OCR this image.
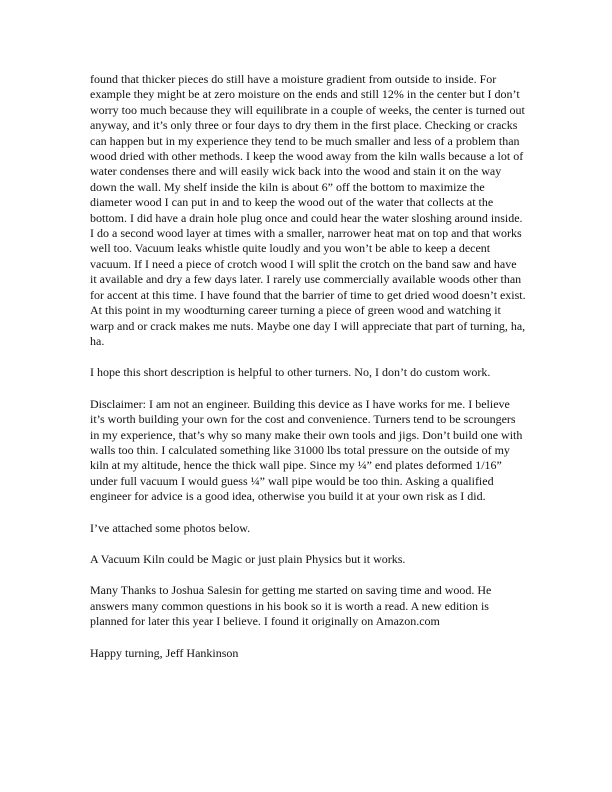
found that thicker pieces do still have a moisture gradient from outside to inside. For example they might be at zero moisture on the ends and still 12% in the center but I don’t worry too much because they will equilibrate in a couple of weeks, the center is turned out anyway, and it’s only three or four days to dry them in the first place. Checking or cracks can happen but in my experience they tend to be much smaller and less of a problem than wood dried with other methods. I keep the wood away from the kiln walls because a lot of water condenses there and will easily wick back into the wood and stain it on the way down the wall. My shelf inside the kiln is about 6” off the bottom to maximize the diameter wood I can put in and to keep the wood out of the water that collects at the bottom. I did have a drain hole plug once and could hear the water sloshing around inside. I do a second wood layer at times with a smaller, narrower heat mat on top and that works well too. Vacuum leaks whistle quite loudly and you won’t be able to keep a decent vacuum. If I need a piece of crotch wood I will split the crotch on the band saw and have it available and dry a few days later. I rarely use commercially available woods other than for accent at this time. I have found that the barrier of time to get dried wood doesn’t exist. At this point in my woodturning career turning a piece of green wood and watching it warp and or crack makes me nuts. Maybe one day I will appreciate that part of turning, ha, ha.

I hope this short description is helpful to other turners. No, I don’t do custom work.

Disclaimer: I am not an engineer. Building this device as I have works for me. I believe it’s worth building your own for the cost and convenience. Turners tend to be scroungers in my experience, that’s why so many make their own tools and jigs. Don’t build one with walls too thin. I calculated something like 31000 lbs total pressure on the outside of my kiln at my altitude, hence the thick wall pipe. Since my ¼” end plates deformed 1/16” under full vacuum I would guess ¼” wall pipe would be too thin. Asking a qualified engineer for advice is a good idea, otherwise you build it at your own risk as I did.

I’ve attached some photos below.

A Vacuum Kiln could be Magic or just plain Physics but it works.

Many Thanks to Joshua Salesin for getting me started on saving time and wood. He answers many common questions in his book so it is worth a read. A new edition is planned for later this year I believe. I found it originally on Amazon.com

Happy turning, Jeff Hankinson
